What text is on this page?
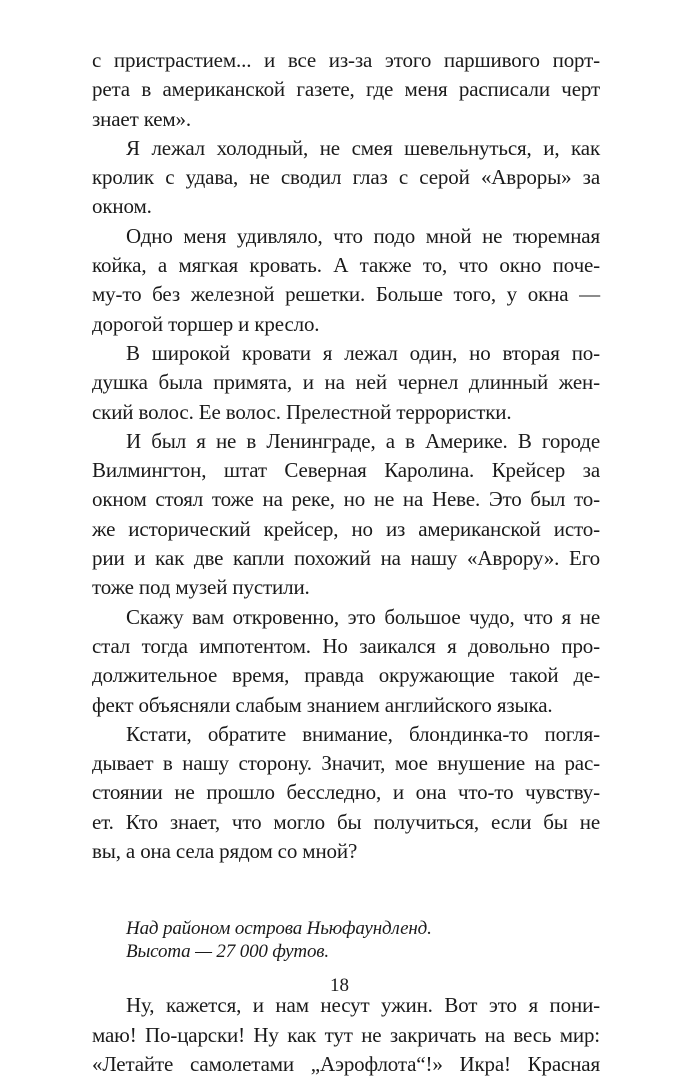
с пристрастием... и все из-за этого паршивого порт-
рета в американской газете, где меня расписали черт
знает кем».

Я лежал холодный, не смея шевельнуться, и, как
кролик с удава, не сводил глаз с серой «Авроры» за
окном.

Одно меня удивляло, что подо мной не тюремная
койка, а мягкая кровать. А также то, что окно поче-
му-то без железной решетки. Больше того, у окна —
дорогой торшер и кресло.

В широкой кровати я лежал один, но вторая по-
душка была примята, и на ней чернел длинный жен-
ский волос. Ее волос. Прелестной террористки.

И был я не в Ленинграде, а в Америке. В городе
Вилмингтон, штат Северная Каролина. Крейсер за
окном стоял тоже на реке, но не на Неве. Это был то-
же исторический крейсер, но из американской исто-
рии и как две капли похожий на нашу «Аврору». Его
тоже под музей пустили.

Скажу вам откровенно, это большое чудо, что я не
стал тогда импотентом. Но заикался я довольно про-
должительное время, правда окружающие такой де-
фект объясняли слабым знанием английского языка.

Кстати, обратите внимание, блондинка-то погля-
дывает в нашу сторону. Значит, мое внушение на рас-
стоянии не прошло бесследно, и она что-то чувству-
ет. Кто знает, что могло бы получиться, если бы не
вы, а она села рядом со мной?

Над районом острова Ньюфаундленд.
Высота — 27 000 футов.

Ну, кажется, и нам несут ужин. Вот это я пони-
маю! По-царски! Ну как тут не закричать на весь мир:
«Летайте самолетами „Аэрофлота“!» Икра! Красная

18
